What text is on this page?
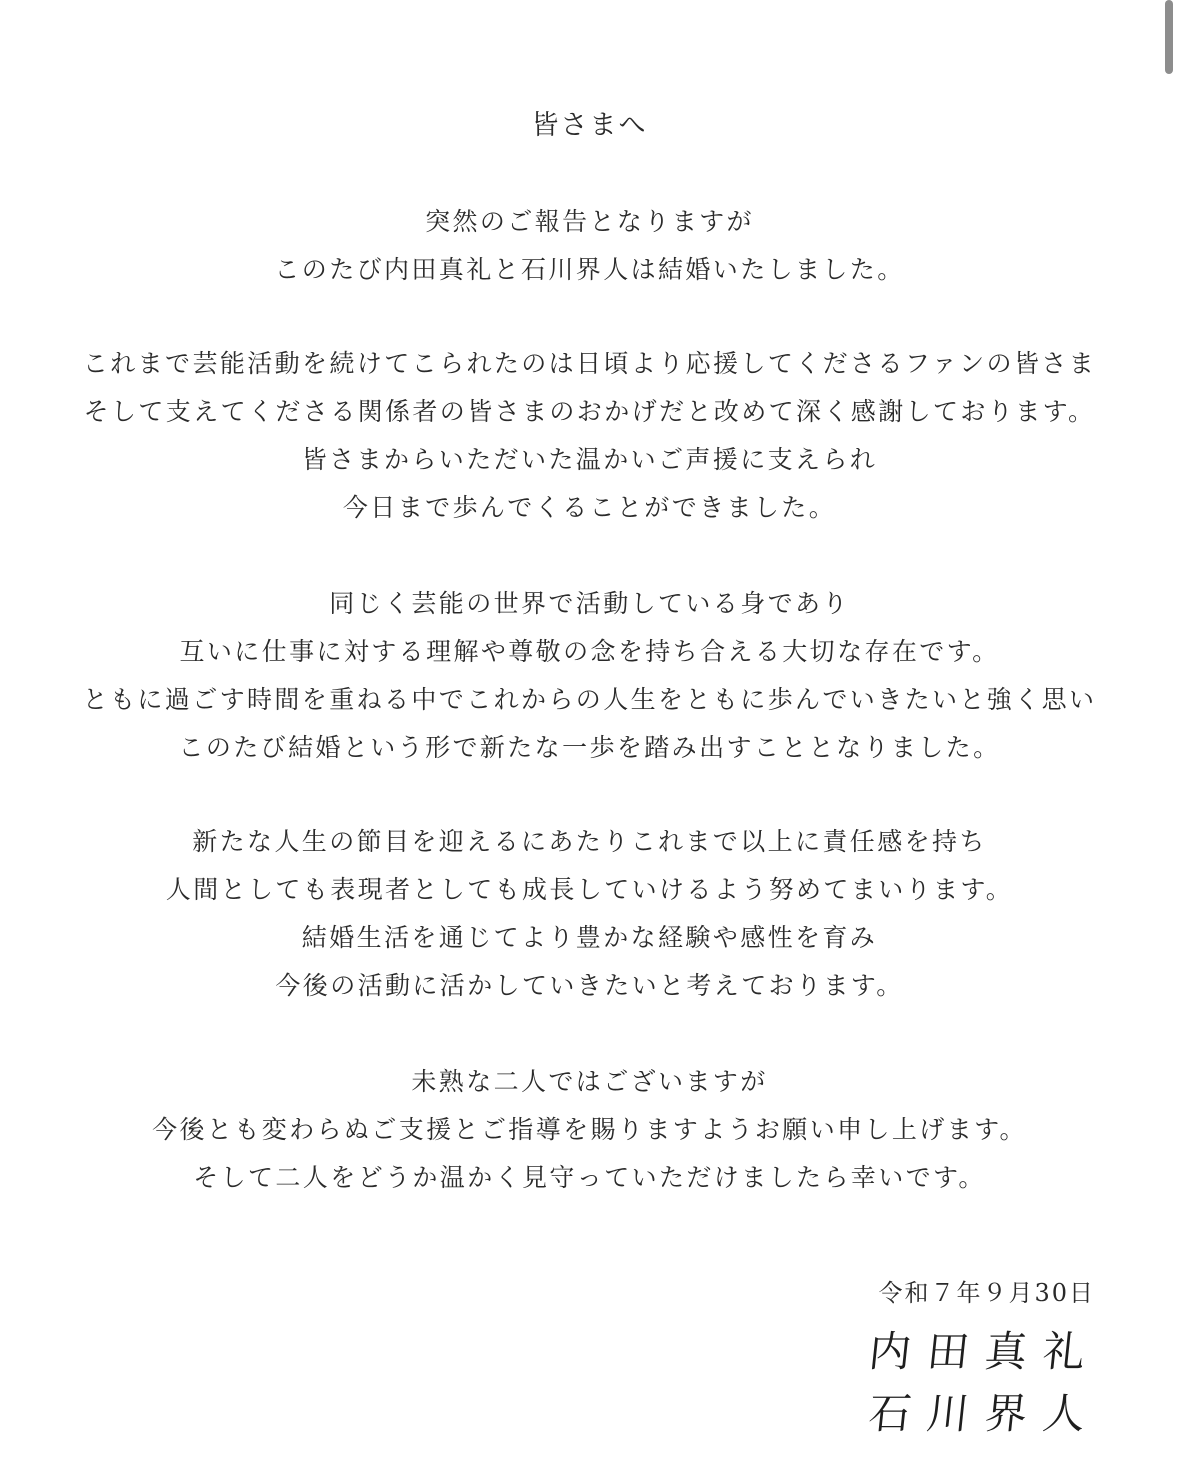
皆さまへ
突然のご報告となりますが
このたび内田真礼と石川界人は結婚いたしました。
これまで芸能活動を続けてこられたのは日頃より応援してくださるファンの皆さま
そして支えてくださる関係者の皆さまのおかげだと改めて深く感謝しております。
皆さまからいただいた温かいご声援に支えられ
今日まで歩んでくることができました。
同じく芸能の世界で活動している身であり
互いに仕事に対する理解や尊敬の念を持ち合える大切な存在です。
ともに過ごす時間を重ねる中でこれからの人生をともに歩んでいきたいと強く思い
このたび結婚という形で新たな一歩を踏み出すこととなりました。
新たな人生の節目を迎えるにあたりこれまで以上に責任感を持ち
人間としても表現者としても成長していけるよう努めてまいります。
結婚生活を通じてより豊かな経験や感性を育み
今後の活動に活かしていきたいと考えております。
未熟な二人ではございますが
今後とも変わらぬご支援とご指導を賜りますようお願い申し上げます。
そして二人をどうか温かく見守っていただけましたら幸いです。
令和７年９月30日
内田真礼
石川界人
